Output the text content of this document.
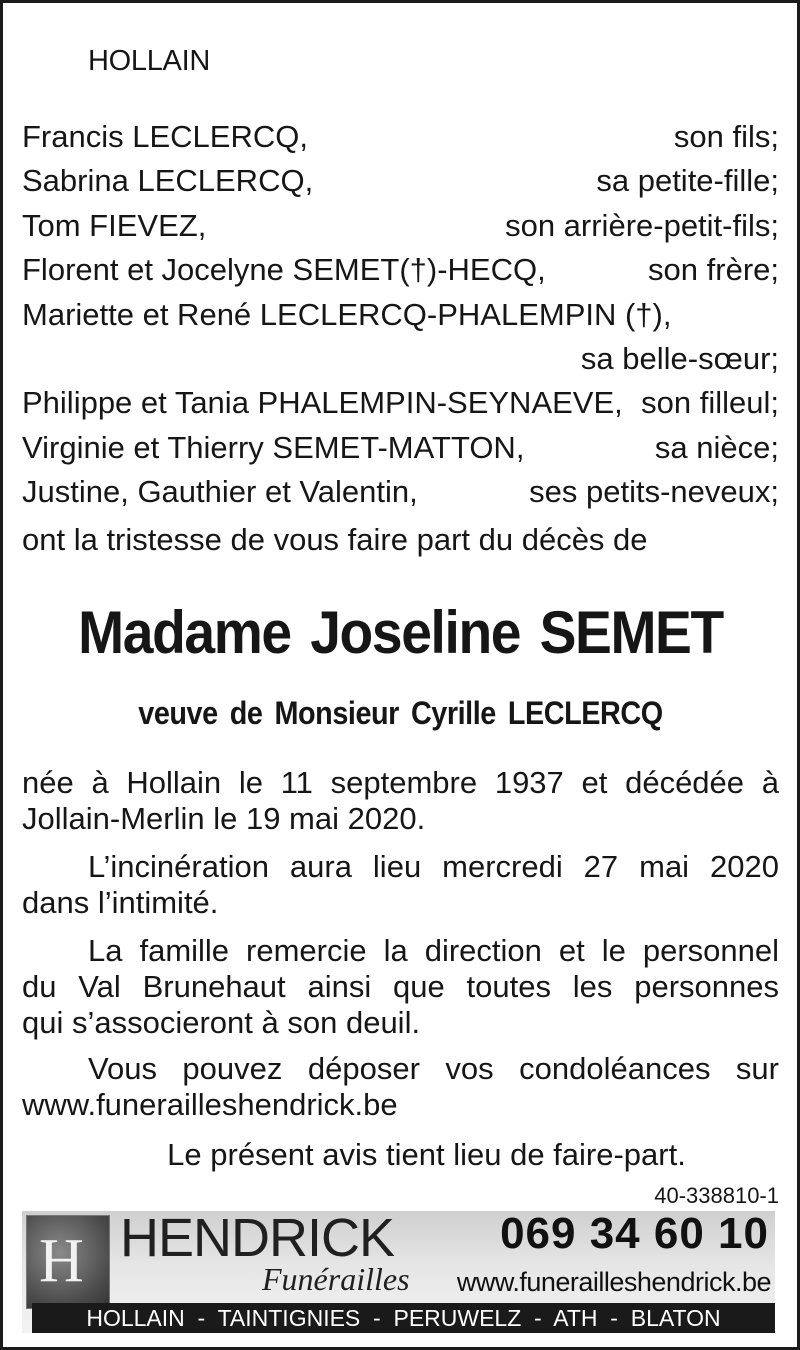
HOLLAIN
Francis LECLERCQ,	son fils;
Sabrina LECLERCQ,	sa petite-fille;
Tom FIEVEZ,	son arrière-petit-fils;
Florent et Jocelyne SEMET(†)-HECQ,	son frère;
Mariette et René LECLERCQ-PHALEMPIN (†),
sa belle-sœur;
Philippe et Tania PHALEMPIN-SEYNAEVE, son filleul;
Virginie et Thierry SEMET-MATTON,	sa nièce;
Justine, Gauthier et Valentin,	ses petits-neveux;
ont la tristesse de vous faire part du décès de
Madame Joseline SEMET
veuve de Monsieur Cyrille LECLERCQ
née à Hollain le 11 septembre 1937 et décédée à
Jollain-Merlin le 19 mai 2020.
L’incinération aura lieu mercredi 27 mai 2020
dans l’intimité.
La famille remercie la direction et le personnel
du Val Brunehaut ainsi que toutes les personnes
qui s’associeront à son deuil.
Vous pouvez déposer vos condoléances sur
www.funerailleshendrick.be
Le présent avis tient lieu de faire-part.
40-338810-1
H HENDRICK
Funérailles
069 34 60 10
www.funerailleshendrick.be
HOLLAIN  -  TAINTIGNIES  -  PERUWELZ  -  ATH  -  BLATON
